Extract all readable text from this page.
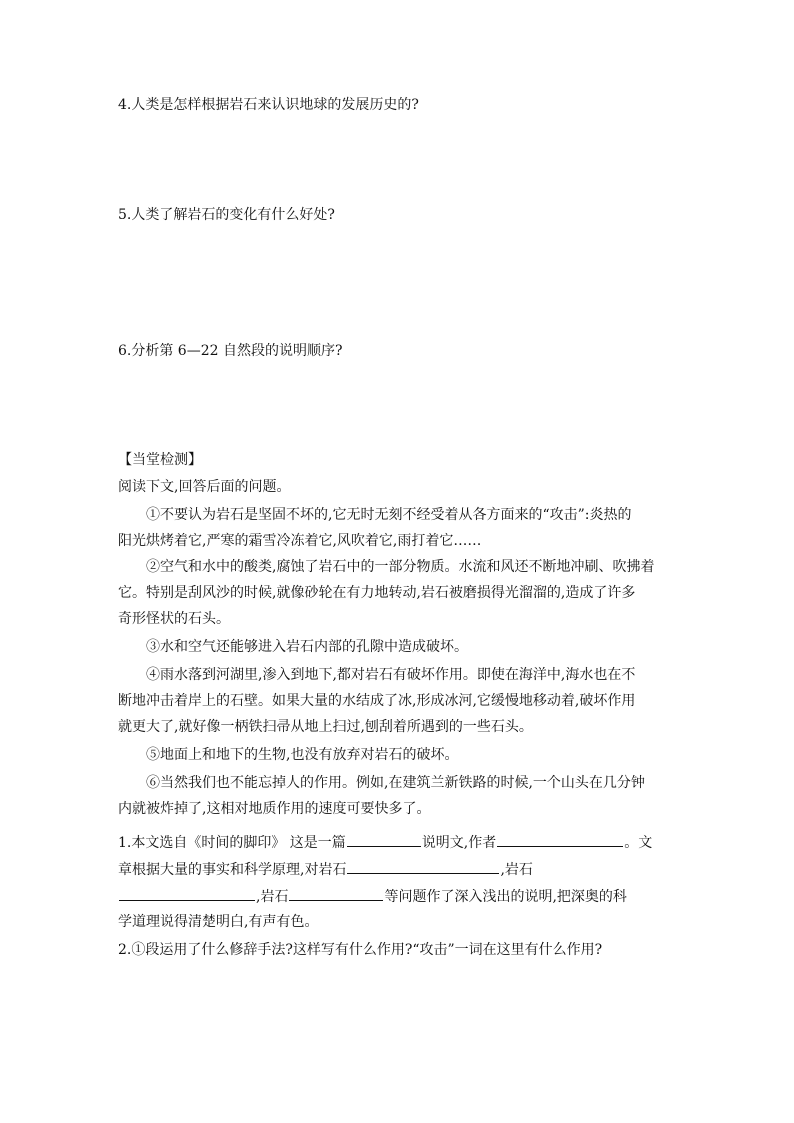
4.人类是怎样根据岩石来认识地球的发展历史的?
5.人类了解岩石的变化有什么好处?
6.分析第 6—22 自然段的说明顺序?
【当堂检测】
阅读下文,回答后面的问题。
①不要认为岩石是坚固不坏的,它无时无刻不经受着从各方面来的“攻击”:炎热的
阳光烘烤着它,严寒的霜雪冷冻着它,风吹着它,雨打着它……
②空气和水中的酸类,腐蚀了岩石中的一部分物质。水流和风还不断地冲刷、吹拂着
它。特别是刮风沙的时候,就像砂轮在有力地转动,岩石被磨损得光溜溜的,造成了许多
奇形怪状的石头。
③水和空气还能够进入岩石内部的孔隙中造成破坏。
④雨水落到河湖里,渗入到地下,都对岩石有破坏作用。即使在海洋中,海水也在不
断地冲击着岸上的石壁。如果大量的水结成了冰,形成冰河,它缓慢地移动着,破坏作用
就更大了,就好像一柄铁扫帚从地上扫过,刨刮着所遇到的一些石头。
⑤地面上和地下的生物,也没有放弃对岩石的破坏。
⑥当然我们也不能忘掉人的作用。例如,在建筑兰新铁路的时候,一个山头在几分钟
内就被炸掉了,这相对地质作用的速度可要快多了。
1.本文选自《时间的脚印》 这是一篇	说明文,作者	。文
章根据大量的事实和科学原理,对岩石	,岩石
,岩石	等问题作了深入浅出的说明,把深奥的科
学道理说得清楚明白,有声有色。
2.①段运用了什么修辞手法?这样写有什么作用?“攻击”一词在这里有什么作用?
